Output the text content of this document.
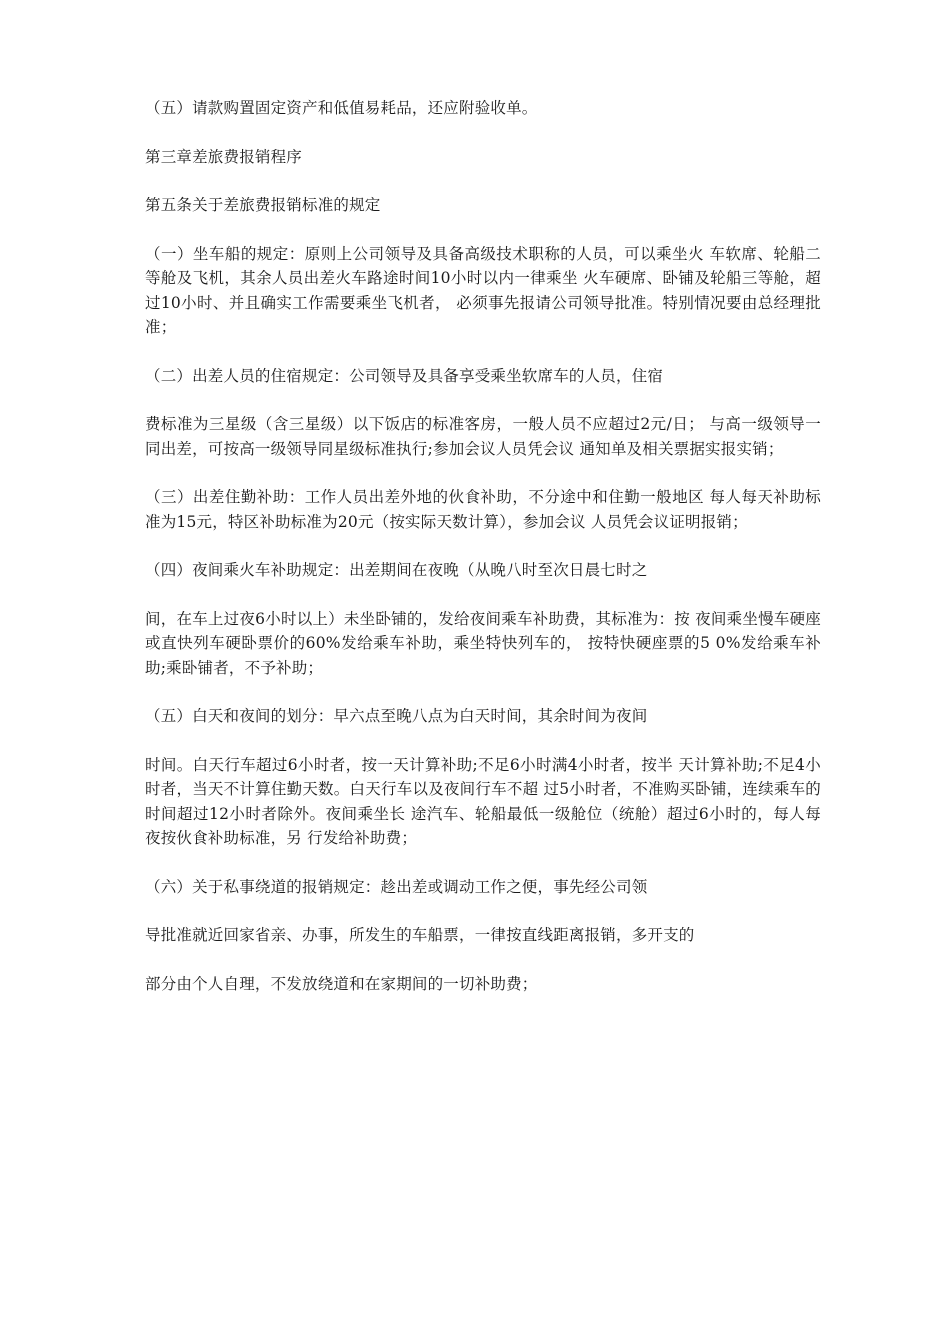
（五）请款购置固定资产和低值易耗品，还应附验收单。

第三章差旅费报销程序

第五条关于差旅费报销标准的规定

（一）坐车船的规定：原则上公司领导及具备高级技术职称的人员，可以乘坐火 车软席、轮船二等舱及飞机，其余人员出差火车路途时间10小时以内一律乘坐 火车硬席、卧铺及轮船三等舱，超过10小时、并且确实工作需要乘坐飞机者， 必须事先报请公司领导批准。特别情况要由总经理批准；

（二）出差人员的住宿规定：公司领导及具备享受乘坐软席车的人员，住宿

费标准为三星级（含三星级）以下饭店的标准客房，一般人员不应超过2元/日； 与高一级领导一同出差，可按高一级领导同星级标准执行;参加会议人员凭会议 通知单及相关票据实报实销；

（三）出差住勤补助：工作人员出差外地的伙食补助，不分途中和住勤一般地区 每人每天补助标准为15元，特区补助标准为20元（按实际天数计算），参加会议 人员凭会议证明报销；

（四）夜间乘火车补助规定：出差期间在夜晚（从晚八时至次日晨七时之

间，在车上过夜6小时以上）未坐卧铺的，发给夜间乘车补助费，其标准为：按 夜间乘坐慢车硬座或直快列车硬卧票价的60%发给乘车补助，乘坐特快列车的， 按特快硬座票的5 0%发给乘车补助;乘卧铺者，不予补助；

（五）白天和夜间的划分：早六点至晚八点为白天时间，其余时间为夜间

时间。白天行车超过6小时者，按一天计算补助;不足6小时满4小时者，按半 天计算补助;不足4小时者，当天不计算住勤天数。白天行车以及夜间行车不超 过5小时者，不准购买卧铺，连续乘车的时间超过12小时者除外。夜间乘坐长 途汽车、轮船最低一级舱位（统舱）超过6小时的，每人每夜按伙食补助标准，另 行发给补助费；

（六）关于私事绕道的报销规定：趁出差或调动工作之便，事先经公司领

导批准就近回家省亲、办事，所发生的车船票，一律按直线距离报销，多开支的

部分由个人自理，不发放绕道和在家期间的一切补助费；
